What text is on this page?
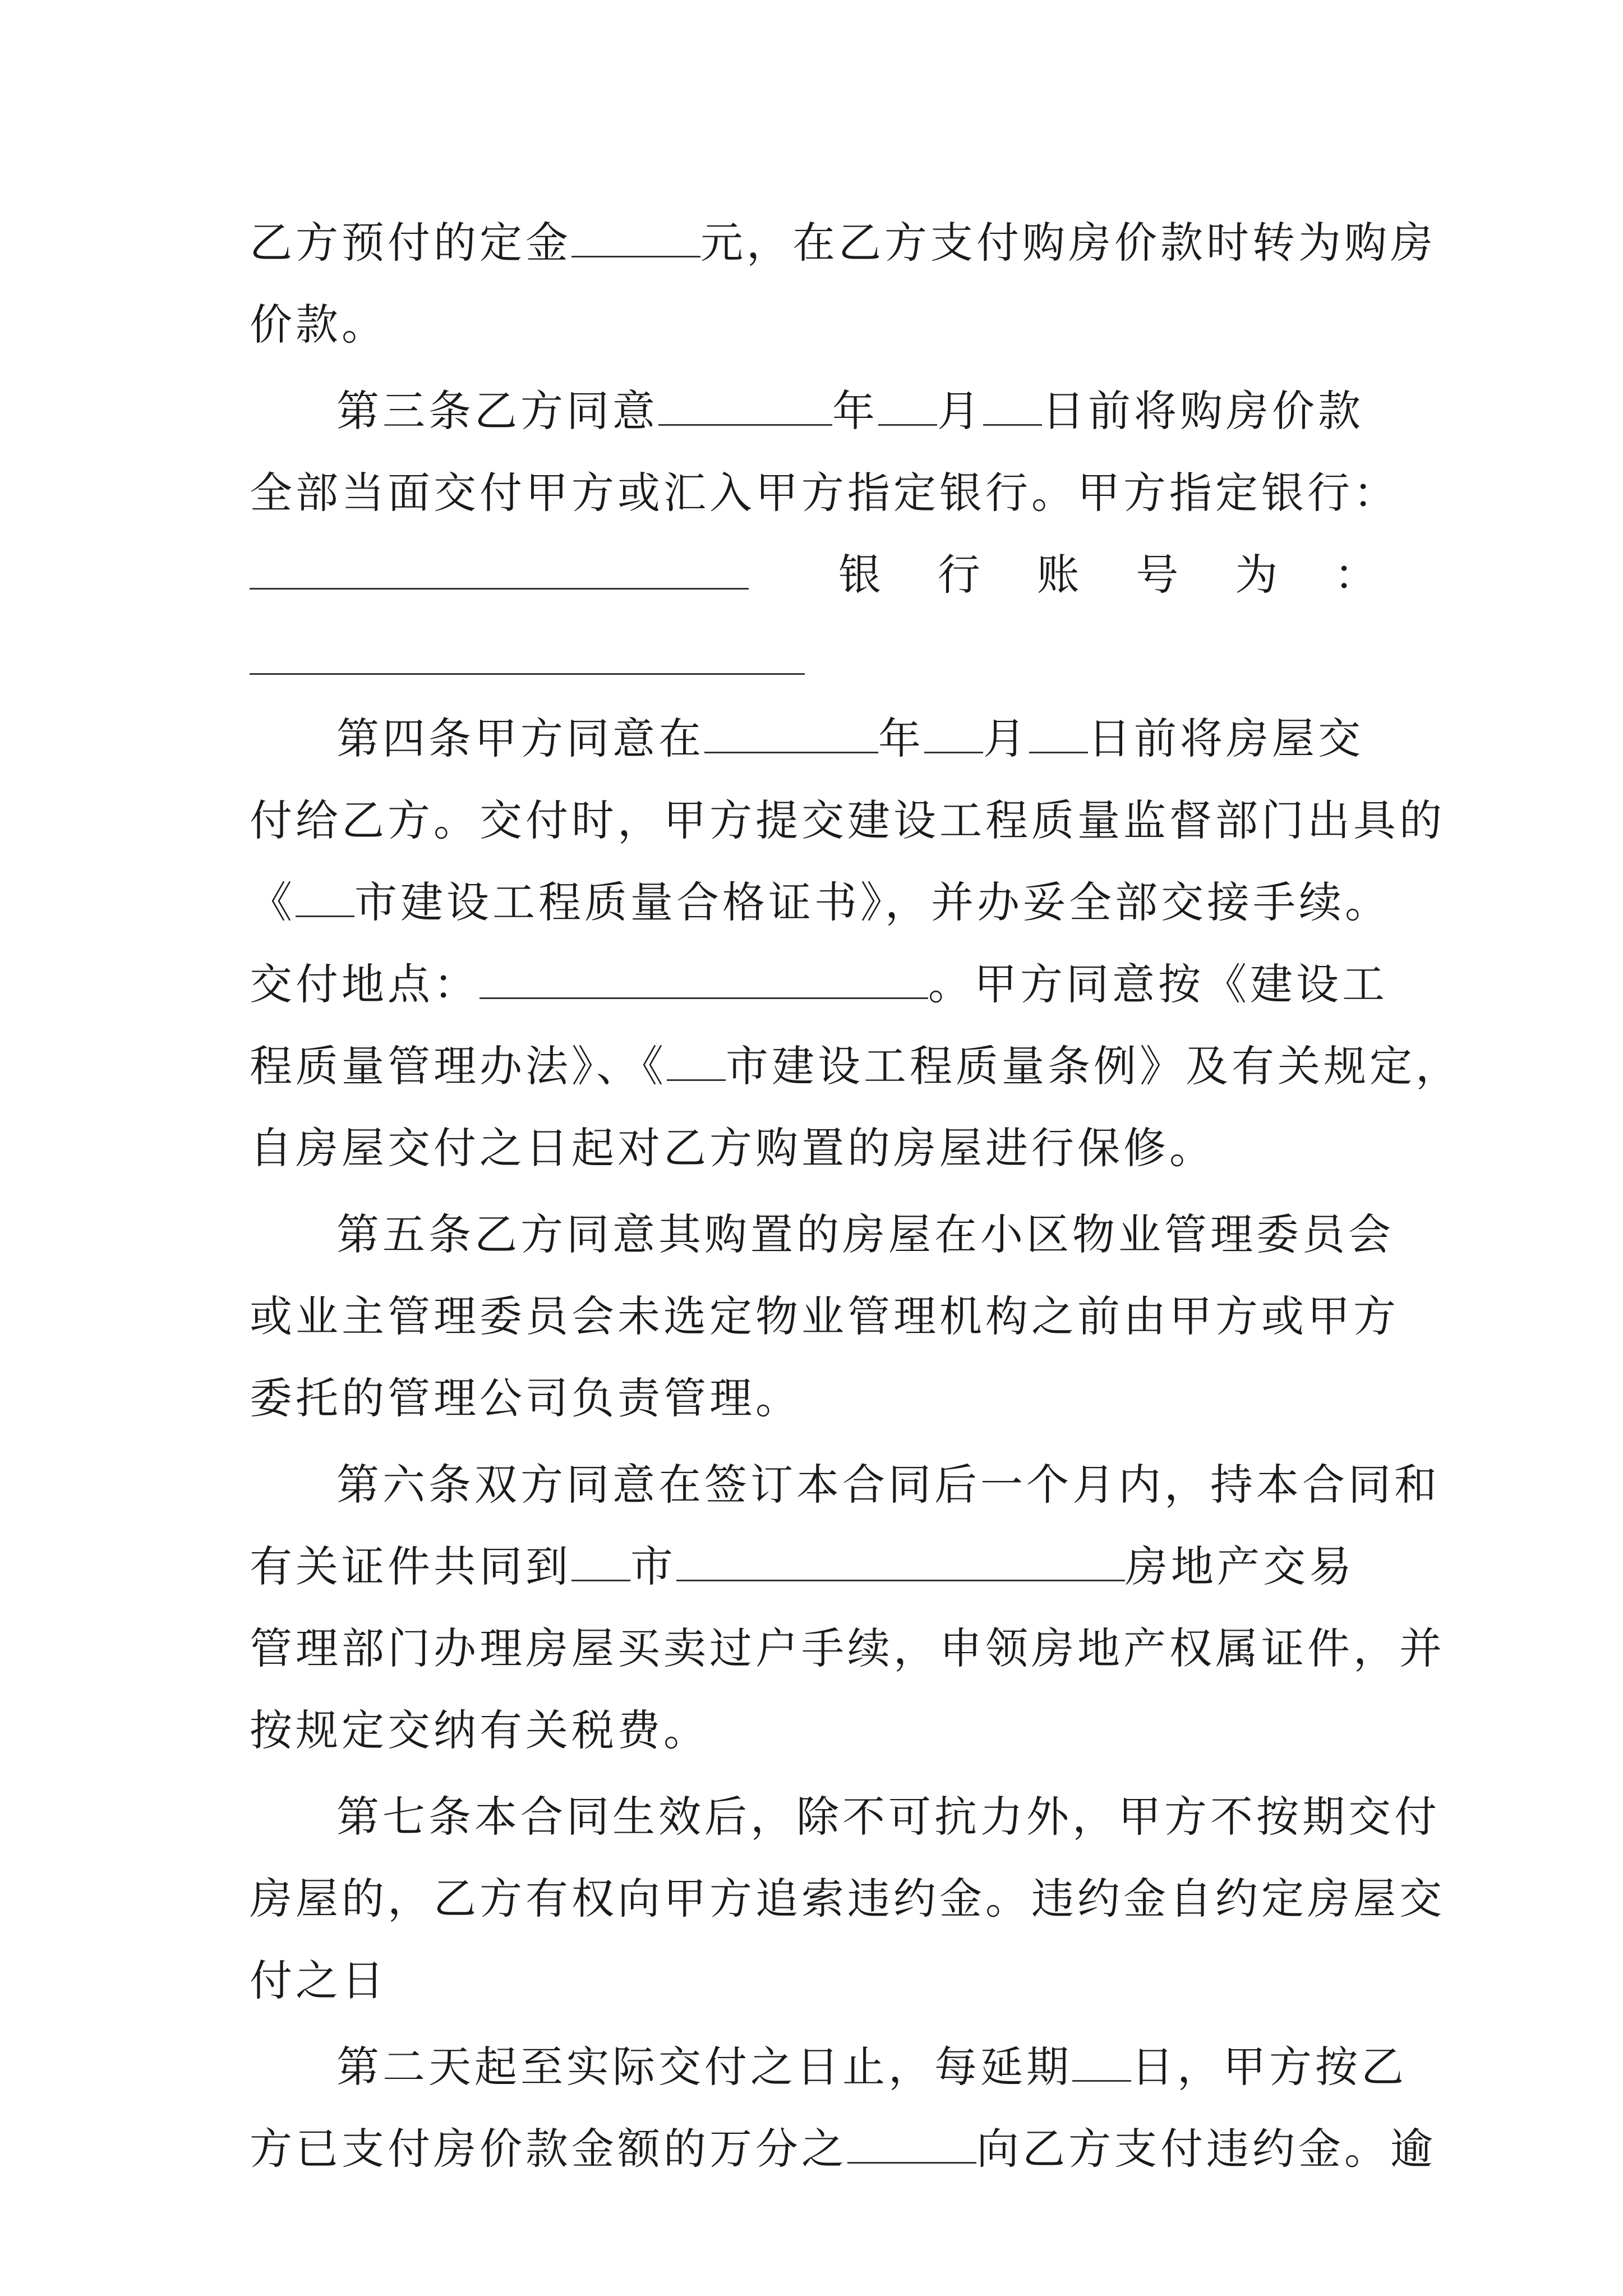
乙方预付的定金	元，在乙方支付购房价款时转为购房

价款。

第三条乙方同意	年 月 日前将购房价款

全部当面交付甲方或汇入甲方指定银行。甲方指定银行：

银 行 账 号 为 ：

第四条甲方同意在	年 月 日前将房屋交

付给乙方。交付时，甲方提交建设工程质量监督部门出具的

《 市建设工程质量合格证书》，并办妥全部交接手续。

交付地点：	。甲方同意按《建设工

程质量管理办法》、《 市建设工程质量条例》及有关规定，

自房屋交付之日起对乙方购置的房屋进行保修。

第五条乙方同意其购置的房屋在小区物业管理委员会

或业主管理委员会未选定物业管理机构之前由甲方或甲方

委托的管理公司负责管理。

第六条双方同意在签订本合同后一个月内，持本合同和

有关证件共同到 市	房地产交易

管理部门办理房屋买卖过户手续，申领房地产权属证件，并

按规定交纳有关税费。

第七条本合同生效后，除不可抗力外，甲方不按期交付

房屋的，乙方有权向甲方追索违约金。违约金自约定房屋交

付之日

第二天起至实际交付之日止，每延期 日，甲方按乙

方已支付房价款金额的万分之	向乙方支付违约金。逾
